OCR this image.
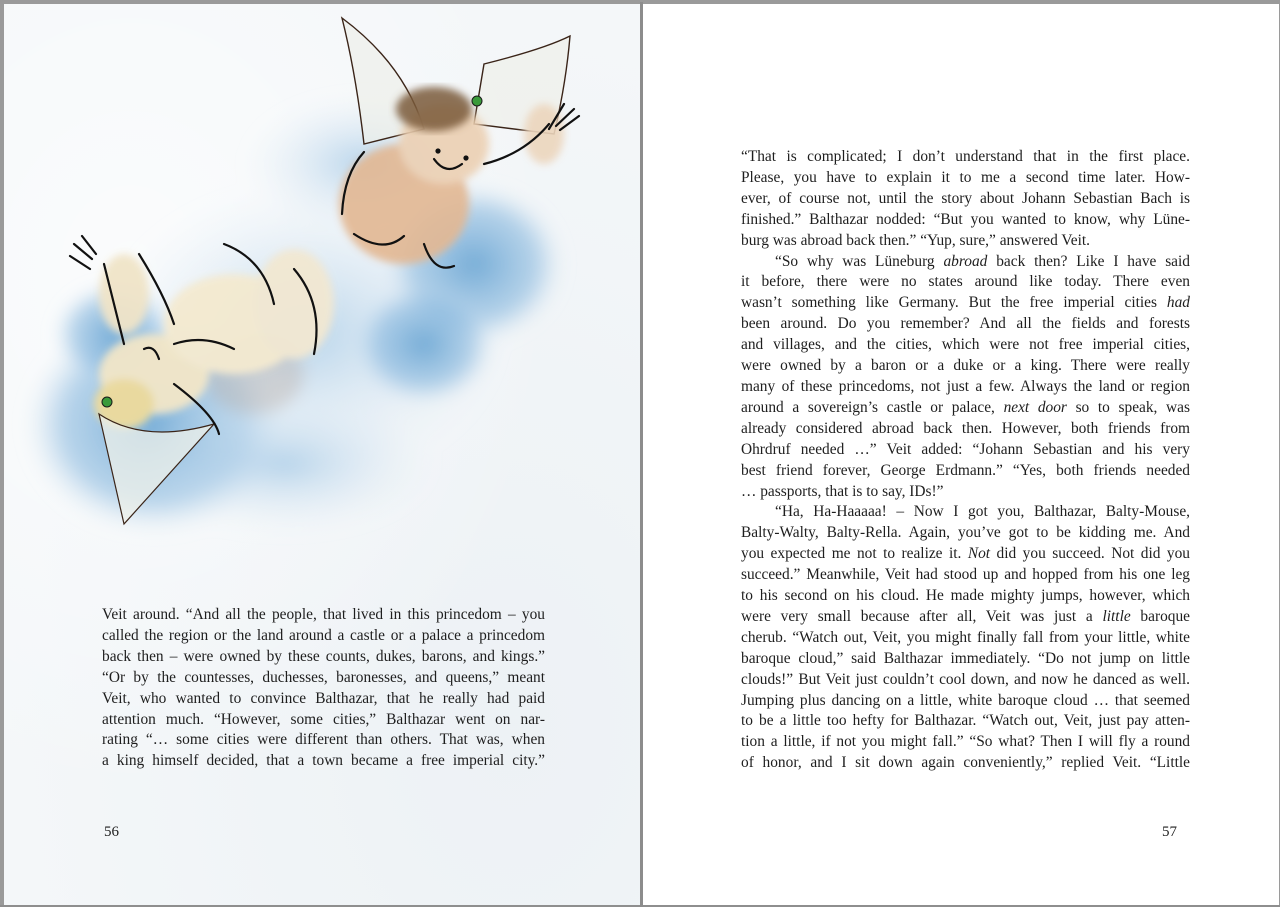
Veit around. “And all the people, that lived in this princedom – you
called the region or the land around a castle or a palace a princedom
back then – were owned by these counts, dukes, barons, and kings.”
“Or by the countesses, duchesses, baronesses, and queens,” meant
Veit, who wanted to convince Balthazar, that he really had paid
attention much. “However, some cities,” Balthazar went on nar-
rating “… some cities were different than others. That was, when
a king himself decided, that a town became a free imperial city.”
56
“That is complicated; I don’t understand that in the first place.
Please, you have to explain it to me a second time later. How-
ever, of course not, until the story about Johann Sebastian Bach is
finished.” Balthazar nodded: “But you wanted to know, why Lüne-
burg was abroad back then.” “Yup, sure,” answered Veit.
“So why was Lüneburg abroad back then? Like I have said
it before, there were no states around like today. There even
wasn’t something like Germany. But the free imperial cities had
been around. Do you remember? And all the fields and forests
and villages, and the cities, which were not free imperial cities,
were owned by a baron or a duke or a king. There were really
many of these princedoms, not just a few. Always the land or region
around a sovereign’s castle or palace, next door so to speak, was
already considered abroad back then. However, both friends from
Ohrdruf needed …” Veit added: “Johann Sebastian and his very
best friend forever, George Erdmann.” “Yes, both friends needed
… passports, that is to say, IDs!”
“Ha, Ha-Haaaaa! – Now I got you, Balthazar, Balty-Mouse,
Balty-Walty, Balty-Rella. Again, you’ve got to be kidding me. And
you expected me not to realize it. Not did you succeed. Not did you
succeed.” Meanwhile, Veit had stood up and hopped from his one leg
to his second on his cloud. He made mighty jumps, however, which
were very small because after all, Veit was just a little baroque
cherub. “Watch out, Veit, you might finally fall from your little, white
baroque cloud,” said Balthazar immediately. “Do not jump on little
clouds!” But Veit just couldn’t cool down, and now he danced as well.
Jumping plus dancing on a little, white baroque cloud … that seemed
to be a little too hefty for Balthazar. “Watch out, Veit, just pay atten-
tion a little, if not you might fall.” “So what? Then I will fly a round
of honor, and I sit down again conveniently,” replied Veit. “Little
57
